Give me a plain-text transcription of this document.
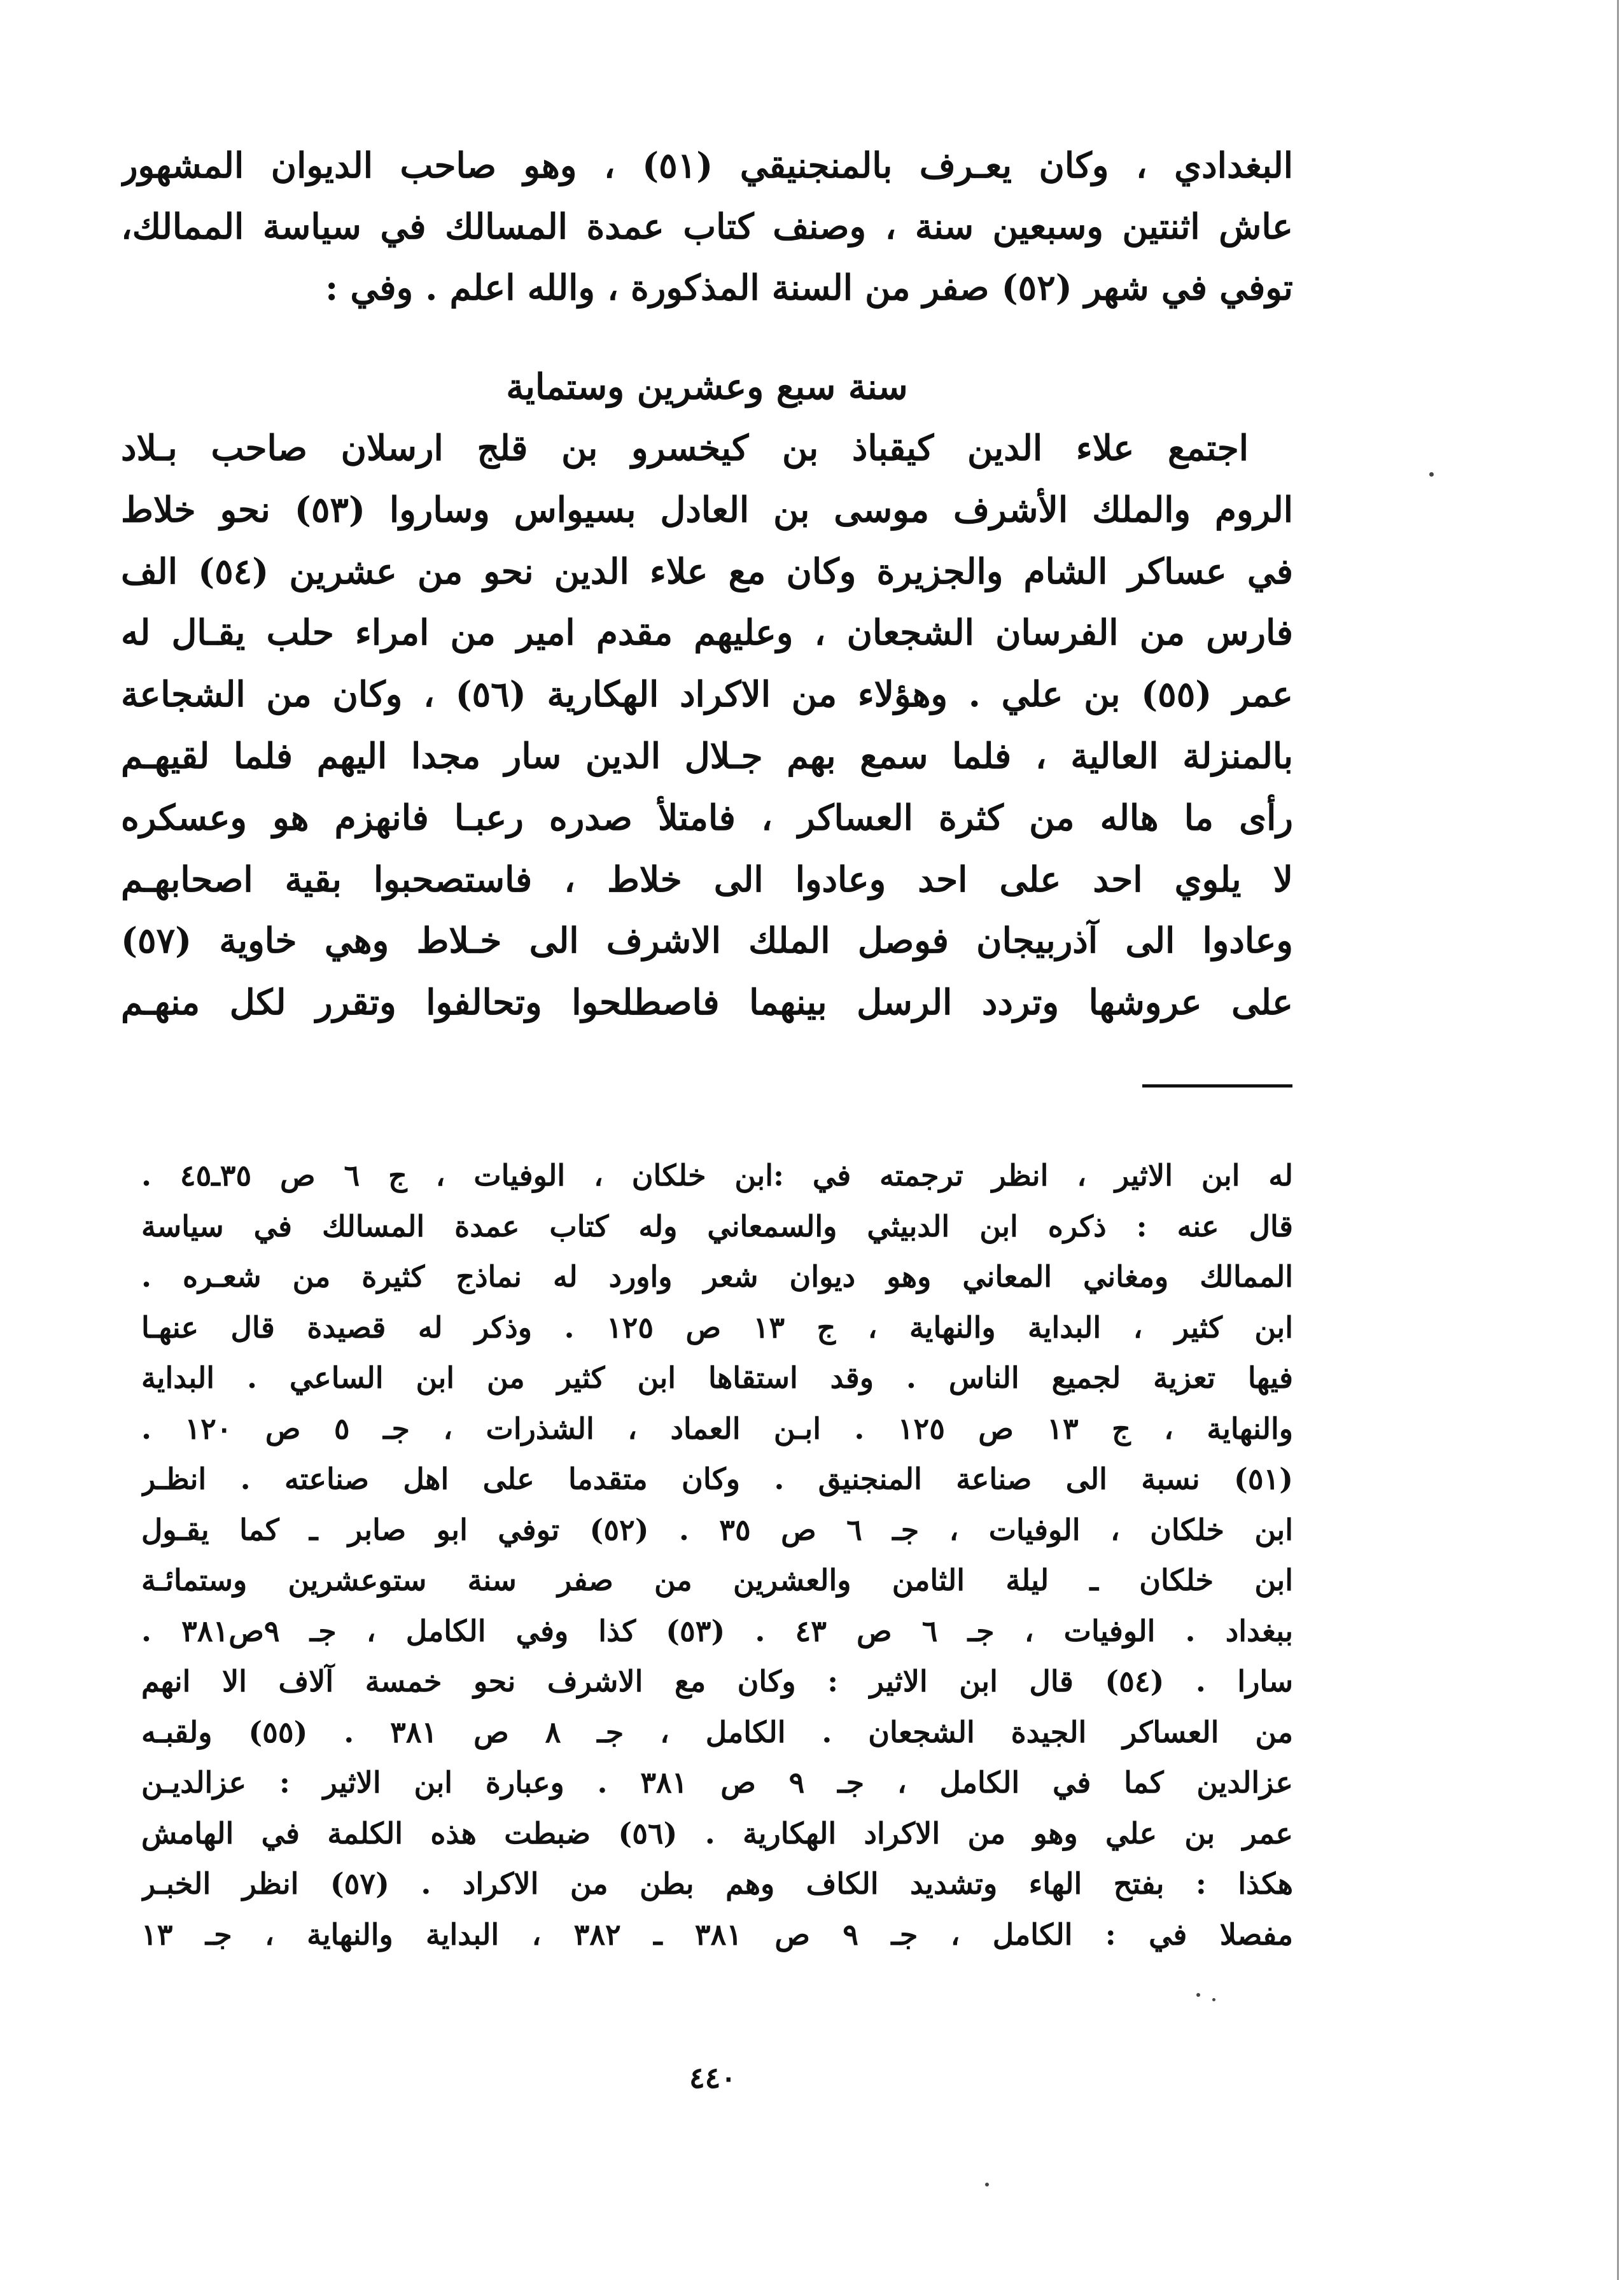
البغدادي ، وكان يعـرف بالمنجنيقي (٥١) ، وهو صاحب الديوان المشهور
عاش اثنتين وسبعين سنة ، وصنف كتاب عمدة المسالك في سياسة الممالك،
توفي في شهر (٥٢) صفر من السنة المذكورة ، والله اعلم . وفي :
سنة سبع وعشرين وستماية
اجتمع علاء الدين كيقباذ بن كيخسرو بن قلج ارسلان صاحب بـلاد
الروم والملك الأشرف موسى بن العادل بسيواس وساروا (٥٣) نحو خلاط
في عساكر الشام والجزيرة وكان مع علاء الدين نحو من عشرين (٥٤) الف
فارس من الفرسان الشجعان ، وعليهم مقدم امير من امراء حلب يقـال له
عمر (٥٥) بن علي . وهؤلاء من الاكراد الهكارية (٥٦) ، وكان من الشجاعة
بالمنزلة العالية ، فلما سمع بهم جـلال الدين سار مجدا اليهم فلما لقيهـم
رأى ما هاله من كثرة العساكر ، فامتلأ صدره رعبـا فانهزم هو وعسكره
لا يلوي احد على احد وعادوا الى خلاط ، فاستصحبوا بقية اصحابهـم
وعادوا الى آذربيجان فوصل الملك الاشرف الى خـلاط وهي خاوية (٥٧)
على عروشها وتردد الرسل بينهما فاصطلحوا وتحالفوا وتقرر لكل منهـم
له ابن الاثير ، انظر ترجمته في :ابن خلكان ، الوفيات ، ج ٦ ص ٣٥ـ٤٥ .
قال عنه : ذكره ابن الدبيثي والسمعاني وله كتاب عمدة المسالك في سياسة
الممالك ومغاني المعاني وهو ديوان شعر واورد له نماذج كثيرة من شعـره .
ابن كثير ، البداية والنهاية ، ج ١٣ ص ١٢٥ . وذكر له قصيدة قال عنهـا
فيها تعزية لجميع الناس . وقد استقاها ابن كثير من ابن الساعي . البداية
والنهاية ، ج ١٣ ص ١٢٥ . ابـن العماد ، الشذرات ، جـ ٥ ص ١٢٠ .
(٥١) نسبة الى صناعة المنجنيق . وكان متقدما على اهل صناعته . انظـر
ابن خلكان ، الوفيات ، جـ ٦ ص ٣٥ . (٥٢) توفي ابو صابر ـ كما يقـول
ابن خلكان ـ ليلة الثامن والعشرين من صفر سنة ستوعشرين وستمائـة
ببغداد . الوفيات ، جـ ٦ ص ٤٣ . (٥٣) كذا وفي الكامل ، جـ ٩ص٣٨١ .
سارا . (٥٤) قال ابن الاثير : وكان مع الاشرف نحو خمسة آلاف الا انهم
من العساكر الجيدة الشجعان . الكامل ، جـ ٨ ص ٣٨١ . (٥٥) ولقبـه
عزالدين كما في الكامل ، جـ ٩ ص ٣٨١ . وعبارة ابن الاثير : عزالديـن
عمر بن علي وهو من الاكراد الهكارية . (٥٦) ضبطت هذه الكلمة في الهامش
هكذا : بفتح الهاء وتشديد الكاف وهم بطن من الاكراد . (٥٧) انظر الخبـر
مفصلا في : الكامل ، جـ ٩ ص ٣٨١ ـ ٣٨٢ ، البداية والنهاية ، جـ ١٣
٤٤٠
